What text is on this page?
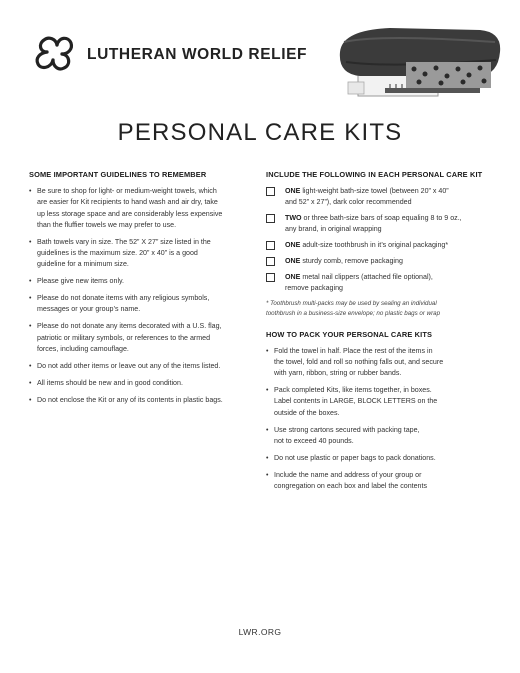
LUTHERAN WORLD RELIEF
PERSONAL CARE KITS
SOME IMPORTANT GUIDELINES TO REMEMBER
• Be sure to shop for light- or medium-weight towels, which
are easier for Kit recipients to hand wash and air dry, take
up less storage space and are considerably less expensive
than the fluffier towels we may prefer to use.
• Bath towels vary in size. The 52” X 27” size listed in the
guidelines is the maximum size. 20” x 40” is a good
guideline for a minimum size.
• Please give new items only.
• Please do not donate items with any religious symbols,
messages or your group’s name.
• Please do not donate any items decorated with a U.S. flag,
patriotic or military symbols, or references to the armed
forces, including camouflage.
• Do not add other items or leave out any of the items listed.
• All items should be new and in good condition.
• Do not enclose the Kit or any of its contents in plastic bags.
INCLUDE THE FOLLOWING IN EACH PERSONAL CARE KIT
ONE light-weight bath-size towel (between 20” x 40”
and 52” x 27”), dark color recommended
TWO or three bath-size bars of soap equaling 8 to 9 oz.,
any brand, in original wrapping
ONE adult-size toothbrush in it’s original packaging*
ONE sturdy comb, remove packaging
ONE metal nail clippers (attached file optional),
remove packaging
* Toothbrush multi-packs may be used by sealing an individual
toothbrush in a business-size envelope; no plastic bags or wrap
HOW TO PACK YOUR PERSONAL CARE KITS
• Fold the towel in half. Place the rest of the items in
the towel, fold and roll so nothing falls out, and secure
with yarn, ribbon, string or rubber bands.
• Pack completed Kits, like items together, in boxes.
Label contents in LARGE, BLOCK LETTERS on the
outside of the boxes.
• Use strong cartons secured with packing tape,
not to exceed 40 pounds.
• Do not use plastic or paper bags to pack donations.
• Include the name and address of your group or
congregation on each box and label the contents
LWR.ORG
